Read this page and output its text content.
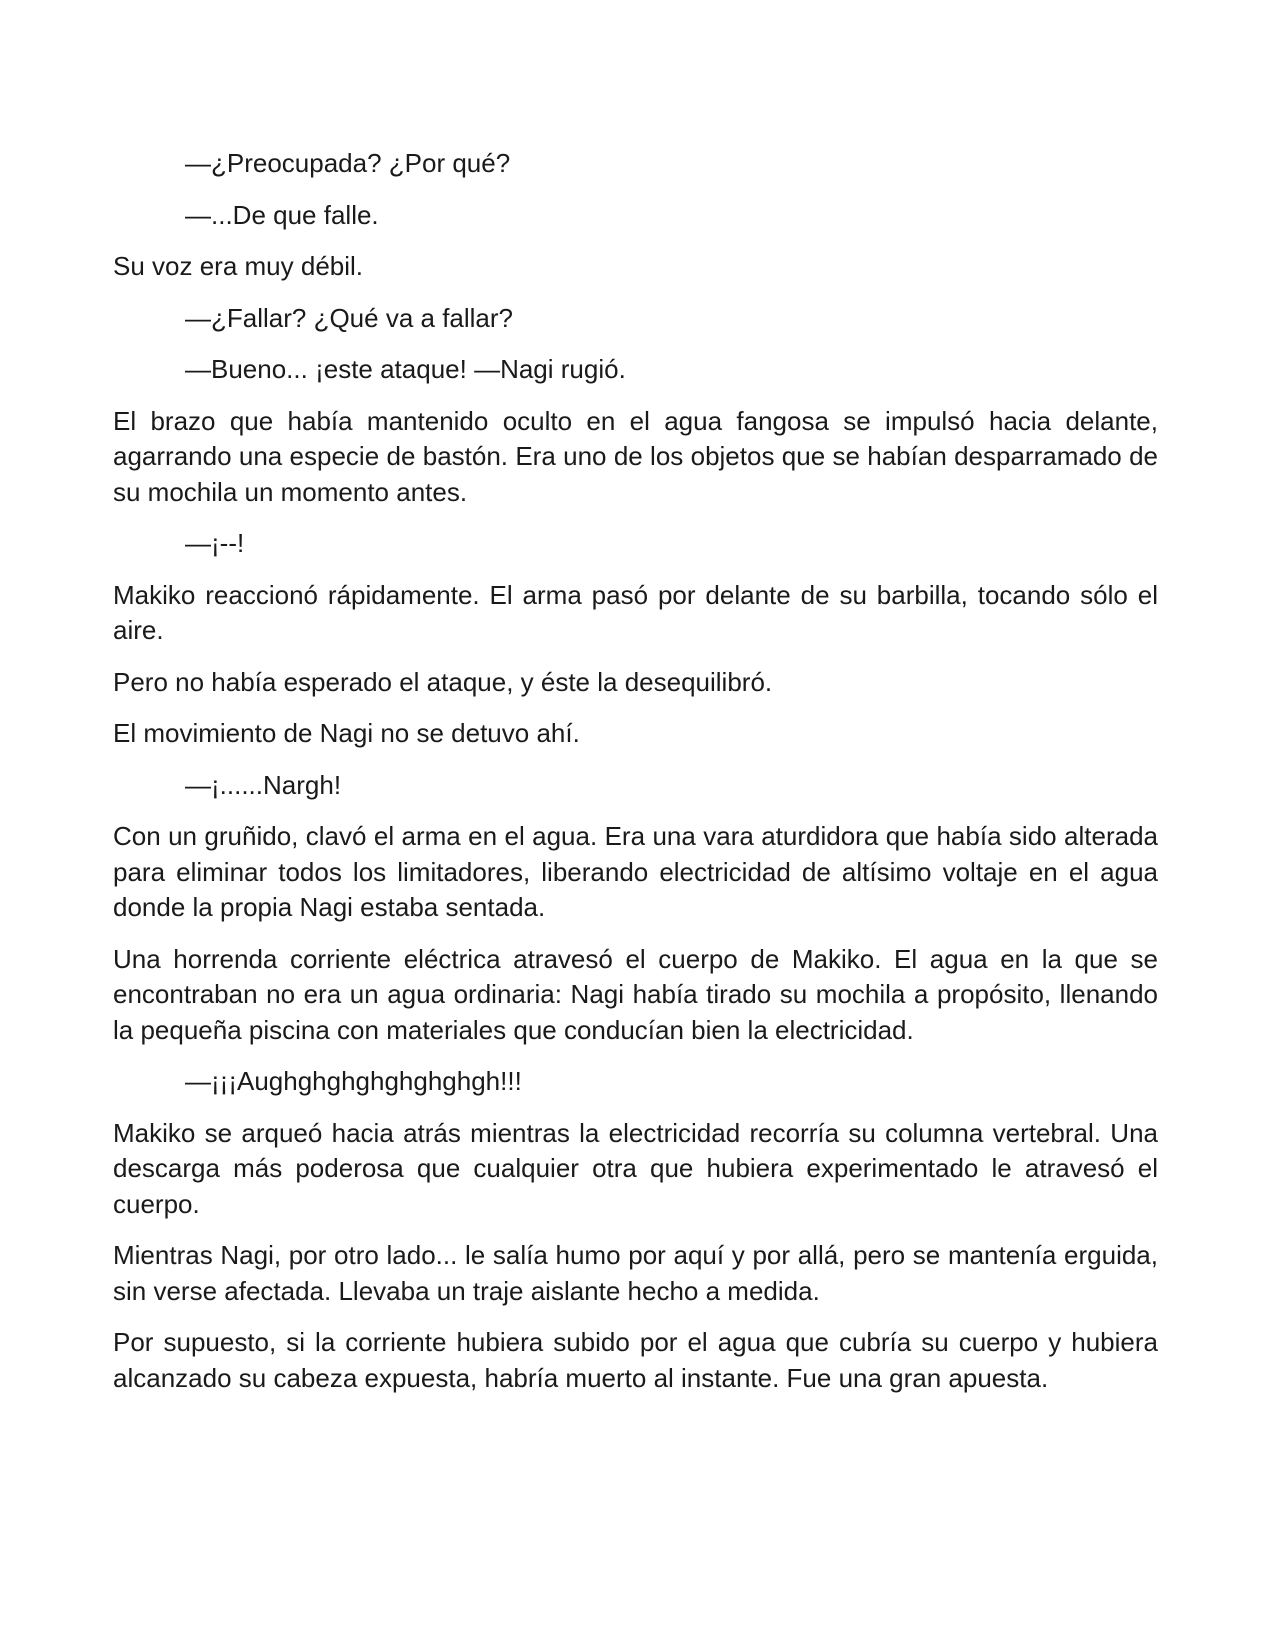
—¿Preocupada? ¿Por qué?

—...De que falle.

Su voz era muy débil.

—¿Fallar? ¿Qué va a fallar?

—Bueno... ¡este ataque! —Nagi rugió.

El brazo que había mantenido oculto en el agua fangosa se impulsó hacia delante, agarrando una especie de bastón. Era uno de los objetos que se habían desparramado de su mochila un momento antes.

—¡--!

Makiko reaccionó rápidamente. El arma pasó por delante de su barbilla, tocando sólo el aire.

Pero no había esperado el ataque, y éste la desequilibró.

El movimiento de Nagi no se detuvo ahí.

—¡......Nargh!

Con un gruñido, clavó el arma en el agua. Era una vara aturdidora que había sido alterada para eliminar todos los limitadores, liberando electricidad de altísimo voltaje en el agua donde la propia Nagi estaba sentada.

Una horrenda corriente eléctrica atravesó el cuerpo de Makiko. El agua en la que se encontraban no era un agua ordinaria: Nagi había tirado su mochila a propósito, llenando la pequeña piscina con materiales que conducían bien la electricidad.

—¡¡¡Aughghghghghghghgh!!!

Makiko se arqueó hacia atrás mientras la electricidad recorría su columna vertebral. Una descarga más poderosa que cualquier otra que hubiera experimentado le atravesó el cuerpo.

Mientras Nagi, por otro lado... le salía humo por aquí y por allá, pero se mantenía erguida, sin verse afectada. Llevaba un traje aislante hecho a medida.

Por supuesto, si la corriente hubiera subido por el agua que cubría su cuerpo y hubiera alcanzado su cabeza expuesta, habría muerto al instante. Fue una gran apuesta.
